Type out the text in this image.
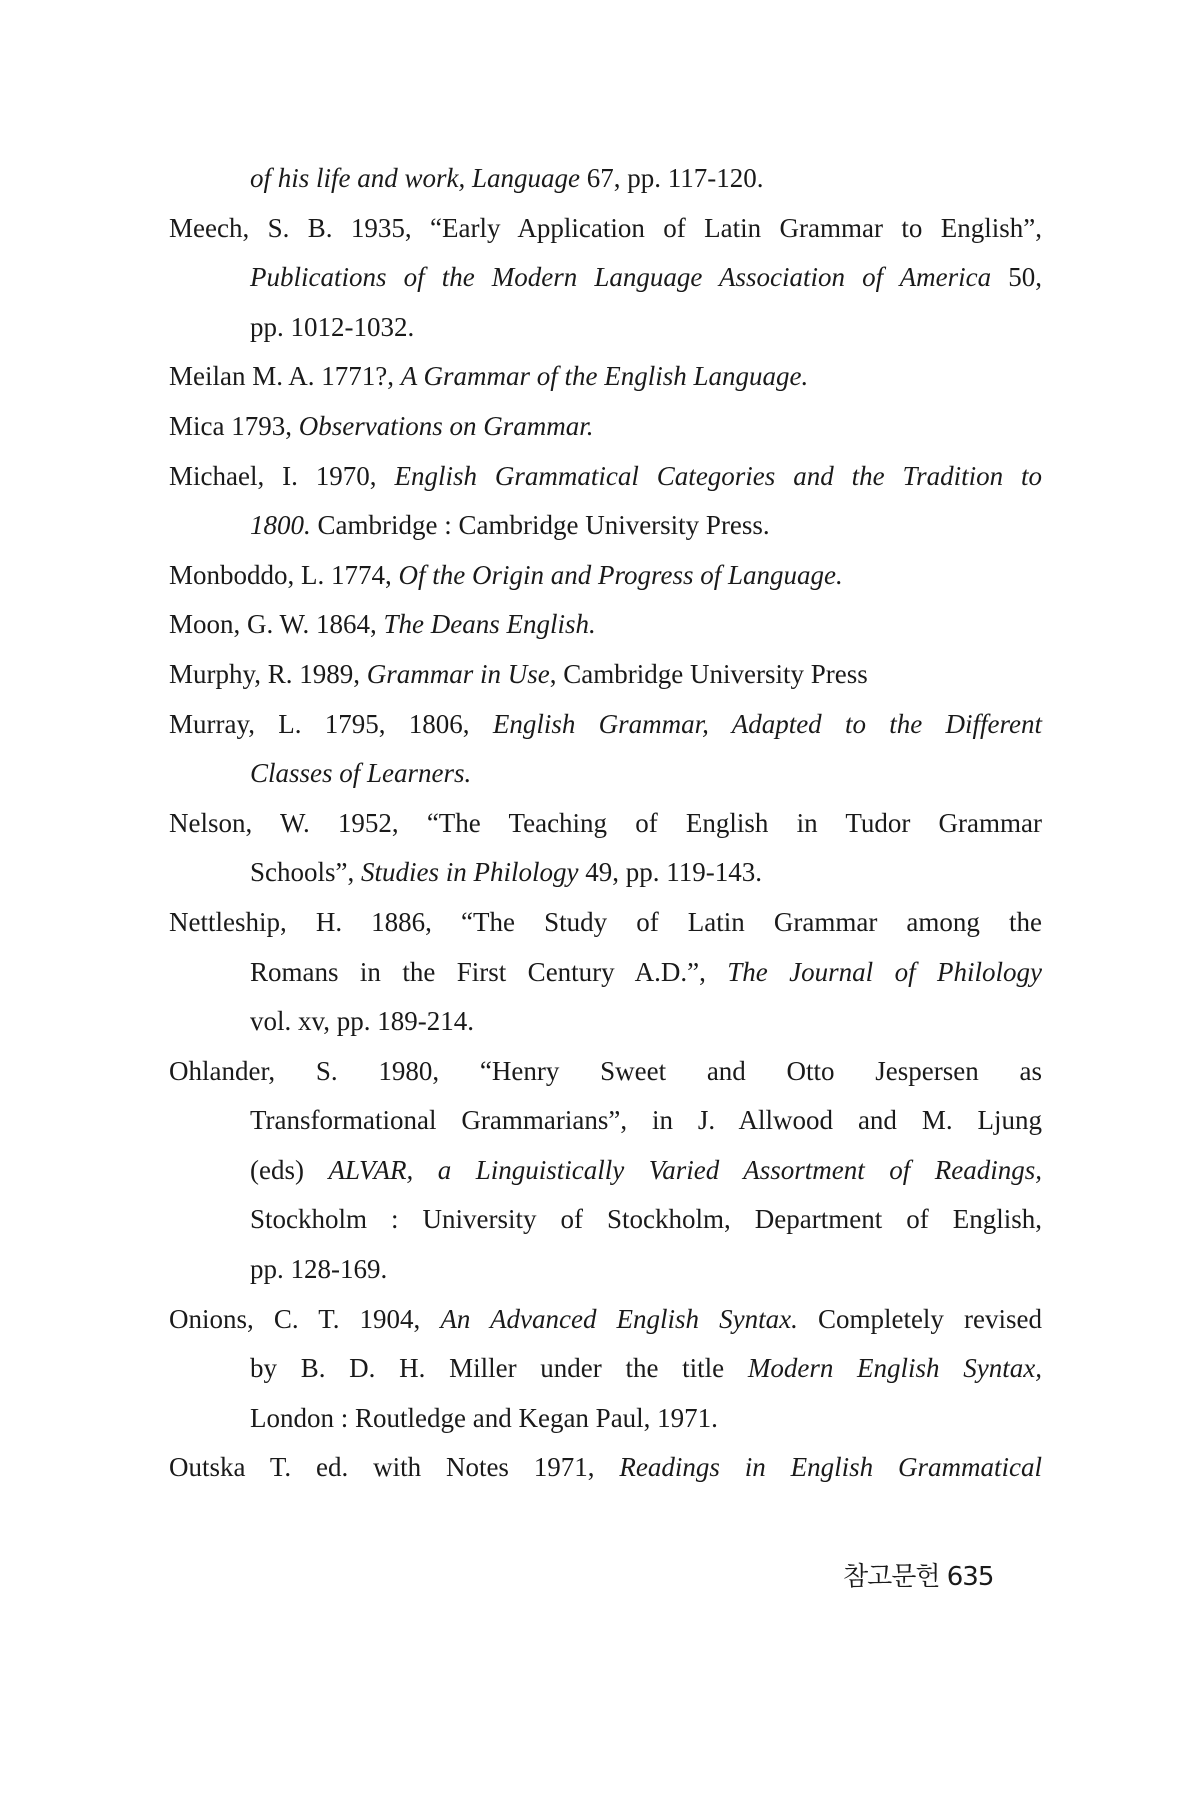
of his life and work, Language 67, pp. 117-120.
Meech, S. B. 1935, “Early Application of Latin Grammar to English”,
Publications of the Modern Language Association of America 50,
pp. 1012-1032.
Meilan M. A. 1771?, A Grammar of the English Language.
Mica 1793, Observations on Grammar.
Michael, I. 1970, English Grammatical Categories and the Tradition to
1800. Cambridge : Cambridge University Press.
Monboddo, L. 1774, Of the Origin and Progress of Language.
Moon, G. W. 1864, The Deans English.
Murphy, R. 1989, Grammar in Use, Cambridge University Press
Murray, L. 1795, 1806, English Grammar, Adapted to the Different
Classes of Learners.
Nelson, W. 1952, “The Teaching of English in Tudor Grammar
Schools”, Studies in Philology 49, pp. 119-143.
Nettleship, H. 1886, “The Study of Latin Grammar among the
Romans in the First Century A.D.”, The Journal of Philology
vol. xv, pp. 189-214.
Ohlander, S. 1980, “Henry Sweet and Otto Jespersen as
Transformational Grammarians”, in J. Allwood and M. Ljung
(eds) ALVAR, a Linguistically Varied Assortment of Readings,
Stockholm : University of Stockholm, Department of English,
pp. 128-169.
Onions, C. T. 1904, An Advanced English Syntax. Completely revised
by B. D. H. Miller under the title Modern English Syntax,
London : Routledge and Kegan Paul, 1971.
Outska T. ed. with Notes 1971, Readings in English Grammatical
참고문헌 635
